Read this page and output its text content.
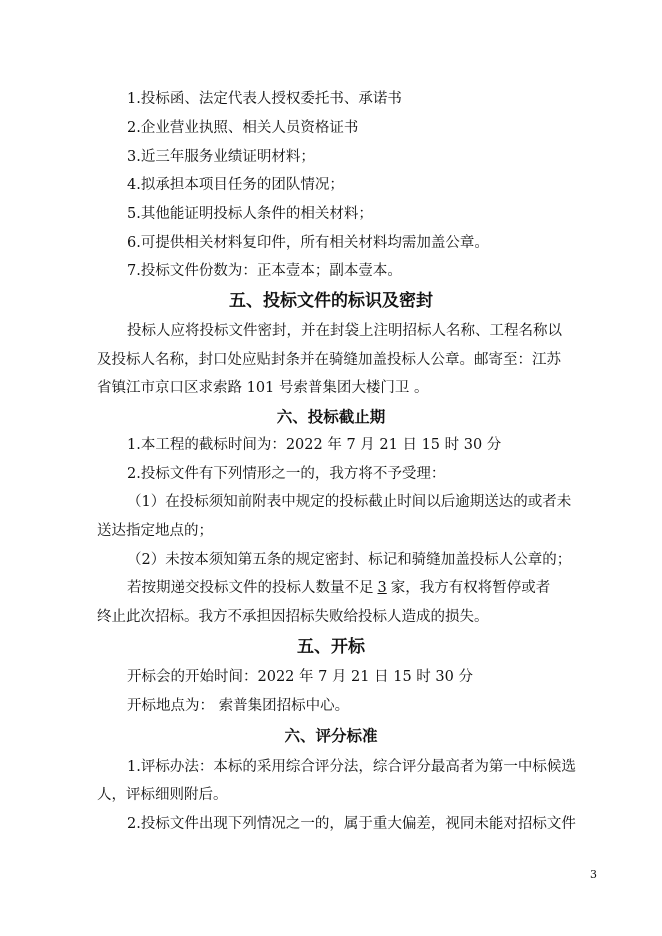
1.投标函、法定代表人授权委托书、承诺书
2.企业营业执照、相关人员资格证书
3.近三年服务业绩证明材料；
4.拟承担本项目任务的团队情况；
5.其他能证明投标人条件的相关材料；
6.可提供相关材料复印件，所有相关材料均需加盖公章。
7.投标文件份数为：正本壹本；副本壹本。
五、投标文件的标识及密封
投标人应将投标文件密封，并在封袋上注明招标人名称、工程名称以
及投标人名称，封口处应贴封条并在骑缝加盖投标人公章。邮寄至：江苏
省镇江市京口区求索路 101 号索普集团大楼门卫 。
六、投标截止期
1.本工程的截标时间为：2022 年 7 月 21 日 15 时 30 分
2.投标文件有下列情形之一的，我方将不予受理：
（1）在投标须知前附表中规定的投标截止时间以后逾期送达的或者未
送达指定地点的；
（2）未按本须知第五条的规定密封、标记和骑缝加盖投标人公章的；
若按期递交投标文件的投标人数量不足 3 家，我方有权将暂停或者
终止此次招标。我方不承担因招标失败给投标人造成的损失。
五、开标
开标会的开始时间：2022 年 7 月 21 日 15 时 30 分
开标地点为： 索普集团招标中心。
六、评分标准
1.评标办法：本标的采用综合评分法，综合评分最高者为第一中标候选
人，评标细则附后。
2.投标文件出现下列情况之一的，属于重大偏差，视同未能对招标文件
3
